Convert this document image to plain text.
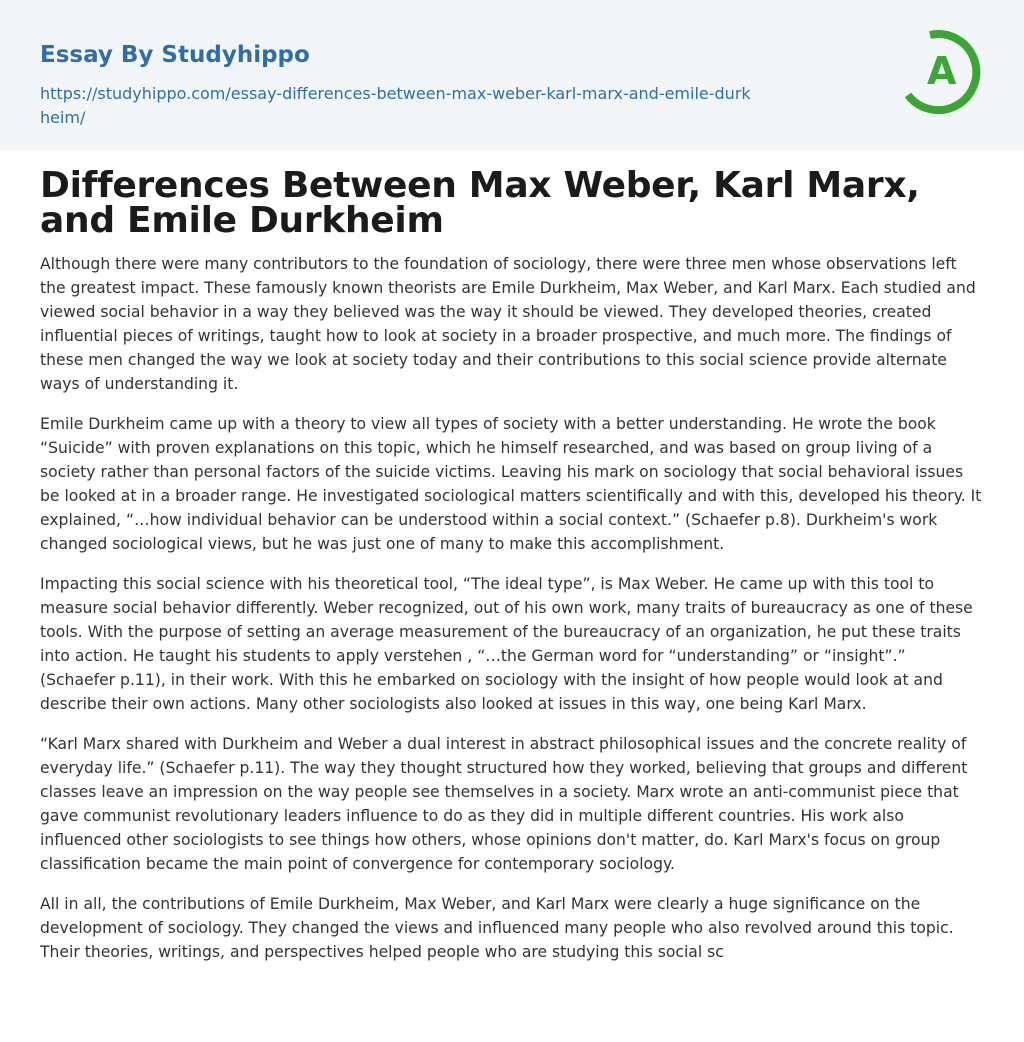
Essay By Studyhippo
https://studyhippo.com/essay-differences-between-max-weber-karl-marx-and-emile-durkheim/
A
Differences Between Max Weber, Karl Marx, and Emile Durkheim

Although there were many contributors to the foundation of sociology, there were three men whose observations left the greatest impact. These famously known theorists are Emile Durkheim, Max Weber, and Karl Marx. Each studied and viewed social behavior in a way they believed was the way it should be viewed. They developed theories, created influential pieces of writings, taught how to look at society in a broader prospective, and much more. The findings of these men changed the way we look at society today and their contributions to this social science provide alternate ways of understanding it.

Emile Durkheim came up with a theory to view all types of society with a better understanding. He wrote the book “Suicide” with proven explanations on this topic, which he himself researched, and was based on group living of a society rather than personal factors of the suicide victims. Leaving his mark on sociology that social behavioral issues be looked at in a broader range. He investigated sociological matters scientifically and with this, developed his theory. It explained, “…how individual behavior can be understood within a social context.” (Schaefer p.8). Durkheim's work changed sociological views, but he was just one of many to make this accomplishment.

Impacting this social science with his theoretical tool, “The ideal type”, is Max Weber. He came up with this tool to measure social behavior differently. Weber recognized, out of his own work, many traits of bureaucracy as one of these tools. With the purpose of setting an average measurement of the bureaucracy of an organization, he put these traits into action. He taught his students to apply verstehen , “…the German word for “understanding” or “insight”.” (Schaefer p.11), in their work. With this he embarked on sociology with the insight of how people would look at and describe their own actions. Many other sociologists also looked at issues in this way, one being Karl Marx.

“Karl Marx shared with Durkheim and Weber a dual interest in abstract philosophical issues and the concrete reality of everyday life.” (Schaefer p.11). The way they thought structured how they worked, believing that groups and different classes leave an impression on the way people see themselves in a society. Marx wrote an anti-communist piece that gave communist revolutionary leaders influence to do as they did in multiple different countries. His work also influenced other sociologists to see things how others, whose opinions don't matter, do. Karl Marx's focus on group classification became the main point of convergence for contemporary sociology.

All in all, the contributions of Emile Durkheim, Max Weber, and Karl Marx were clearly a huge significance on the development of sociology. They changed the views and influenced many people who also revolved around this topic. Their theories, writings, and perspectives helped people who are studying this social sc
